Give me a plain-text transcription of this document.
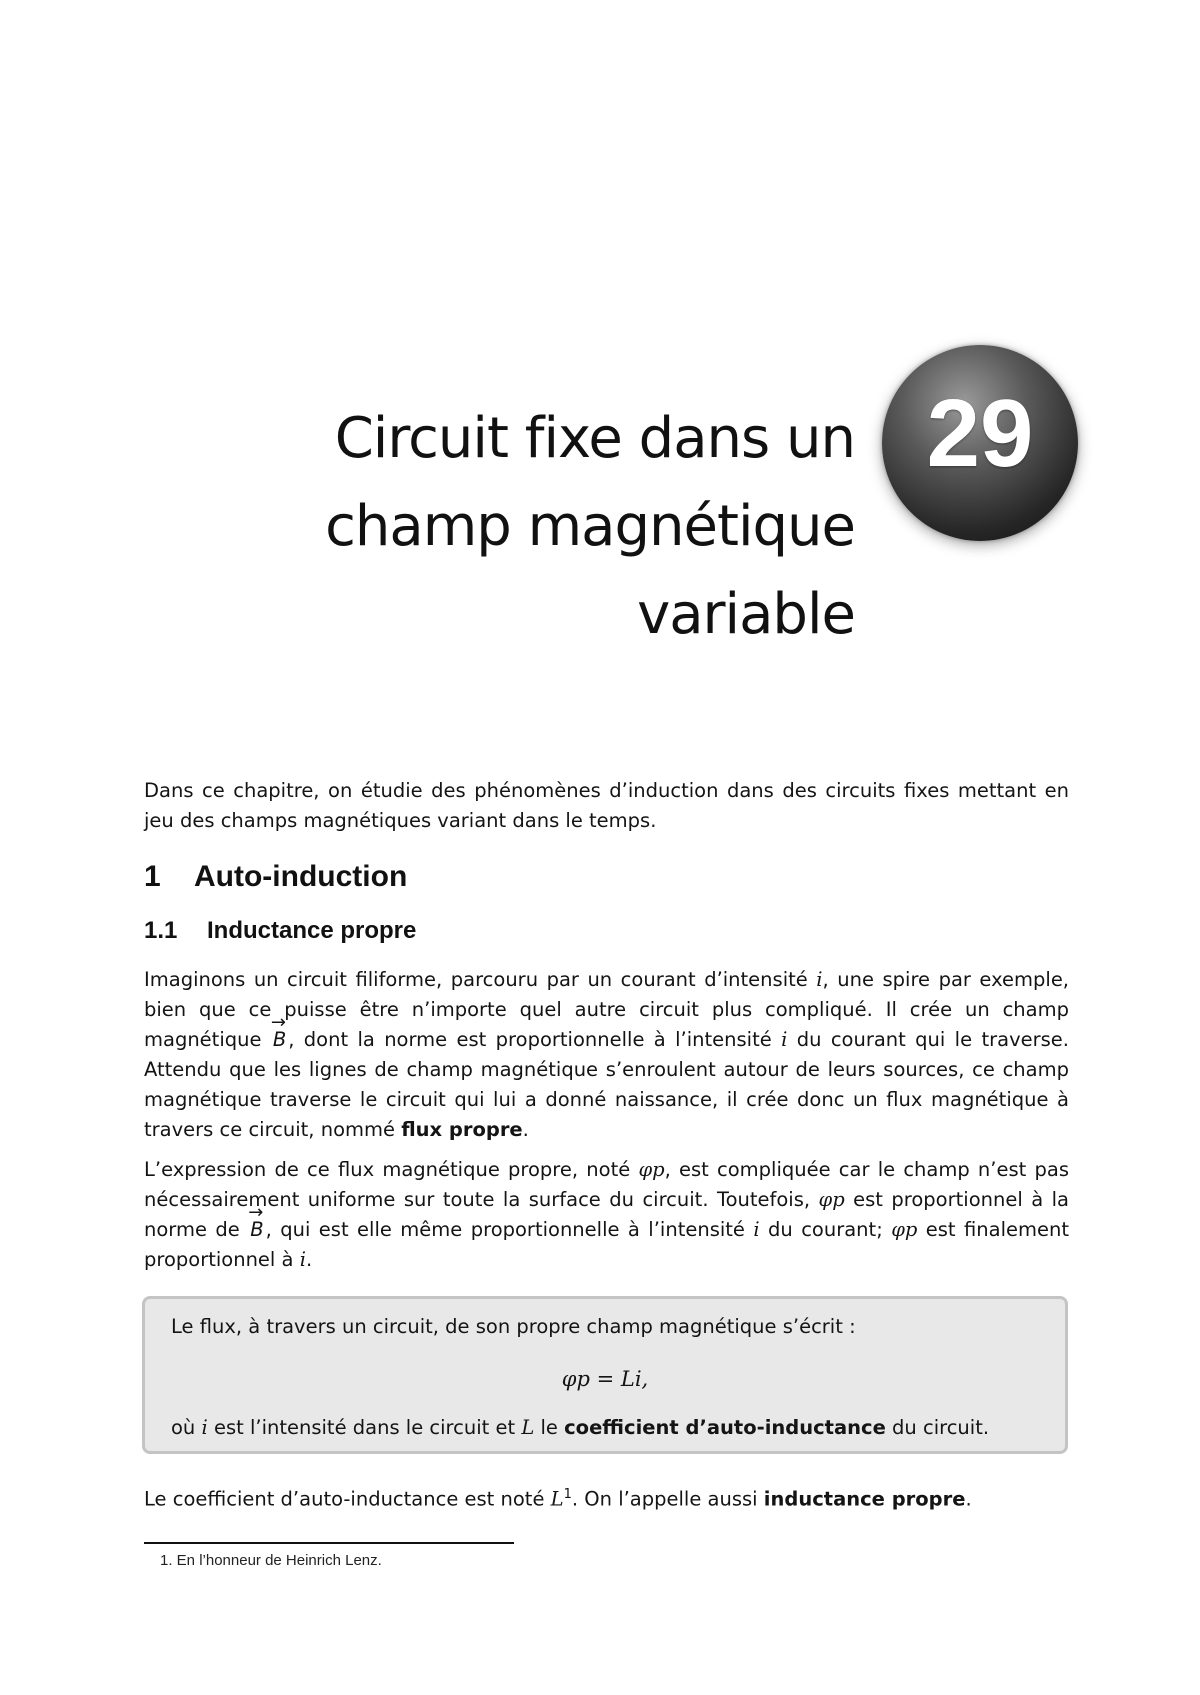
Circuit fixe dans un
champ magnétique
variable
29

Dans ce chapitre, on étudie des phénomènes d’induction dans des circuits fixes mettant en jeu des champs magnétiques variant dans le temps.

1 Auto-induction
1.1 Inductance propre

Imaginons un circuit filiforme, parcouru par un courant d’intensité i, une spire par exemple, bien que ce puisse être n’importe quel autre circuit plus compliqué. Il crée un champ magnétique → B , dont la norme est proportionnelle à l’intensité i du courant qui le traverse. Attendu que les lignes de champ magnétique s’enroulent autour de leurs sources, ce champ magnétique traverse le circuit qui lui a donné naissance, il crée donc un flux magnétique à travers ce circuit, nommé flux propre.

L’expression de ce flux magnétique propre, noté φp, est compliquée car le champ n’est pas nécessairement uniforme sur toute la surface du circuit. Toutefois, φp est proportionnel à la norme de → B , qui est elle même proportionnelle à l’intensité i du courant; φp est finalement proportionnel à i.

Le flux, à travers un circuit, de son propre champ magnétique s’écrit :
φp = Li,
où i est l’intensité dans le circuit et L le coefficient d’auto-inductance du circuit.

Le coefficient d’auto-inductance est noté $L^1$. On l’appelle aussi inductance propre.

1. En l’honneur de Heinrich Lenz.
